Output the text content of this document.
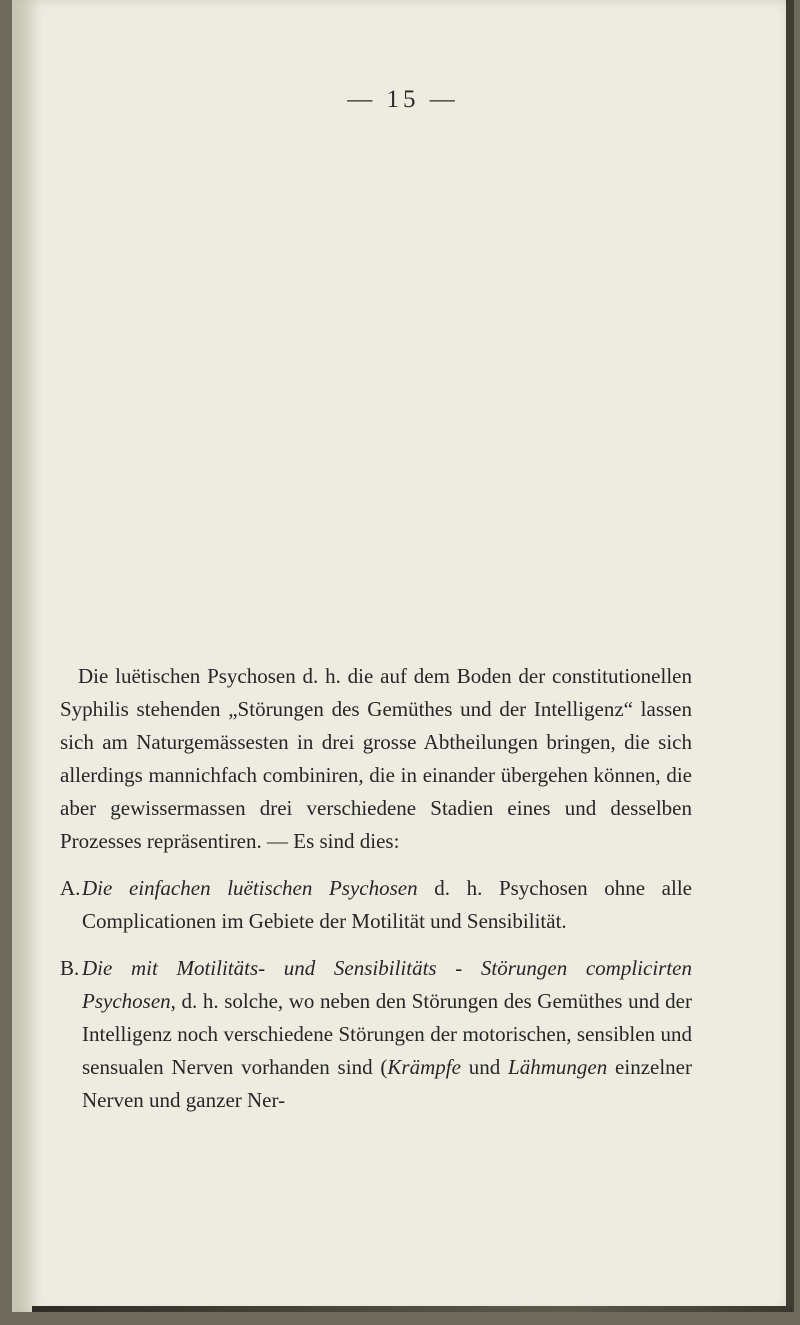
— 15 —

Die luëtischen Psychosen d. h. die auf dem Boden der constitutionellen Syphilis stehenden „Störungen des Gemüthes und der Intelligenz“ lassen sich am Naturgemässesten in drei grosse Abtheilungen bringen, die sich allerdings mannichfach combiniren, die in einander übergehen können, die aber gewissermassen drei verschiedene Stadien eines und desselben Prozesses repräsentiren. — Es sind dies:

A. Die einfachen luëtischen Psychosen d. h. Psychosen ohne alle Complicationen im Gebiete der Motilität und Sensibilität.
B. Die mit Motilitäts- und Sensibilitäts - Störungen complicirten Psychosen, d. h. solche, wo neben den Störungen des Gemüthes und der Intelligenz noch verschiedene Störungen der motorischen, sensiblen und sensualen Nerven vorhanden sind (Krämpfe und Lähmungen einzelner Nerven und ganzer Ner-
